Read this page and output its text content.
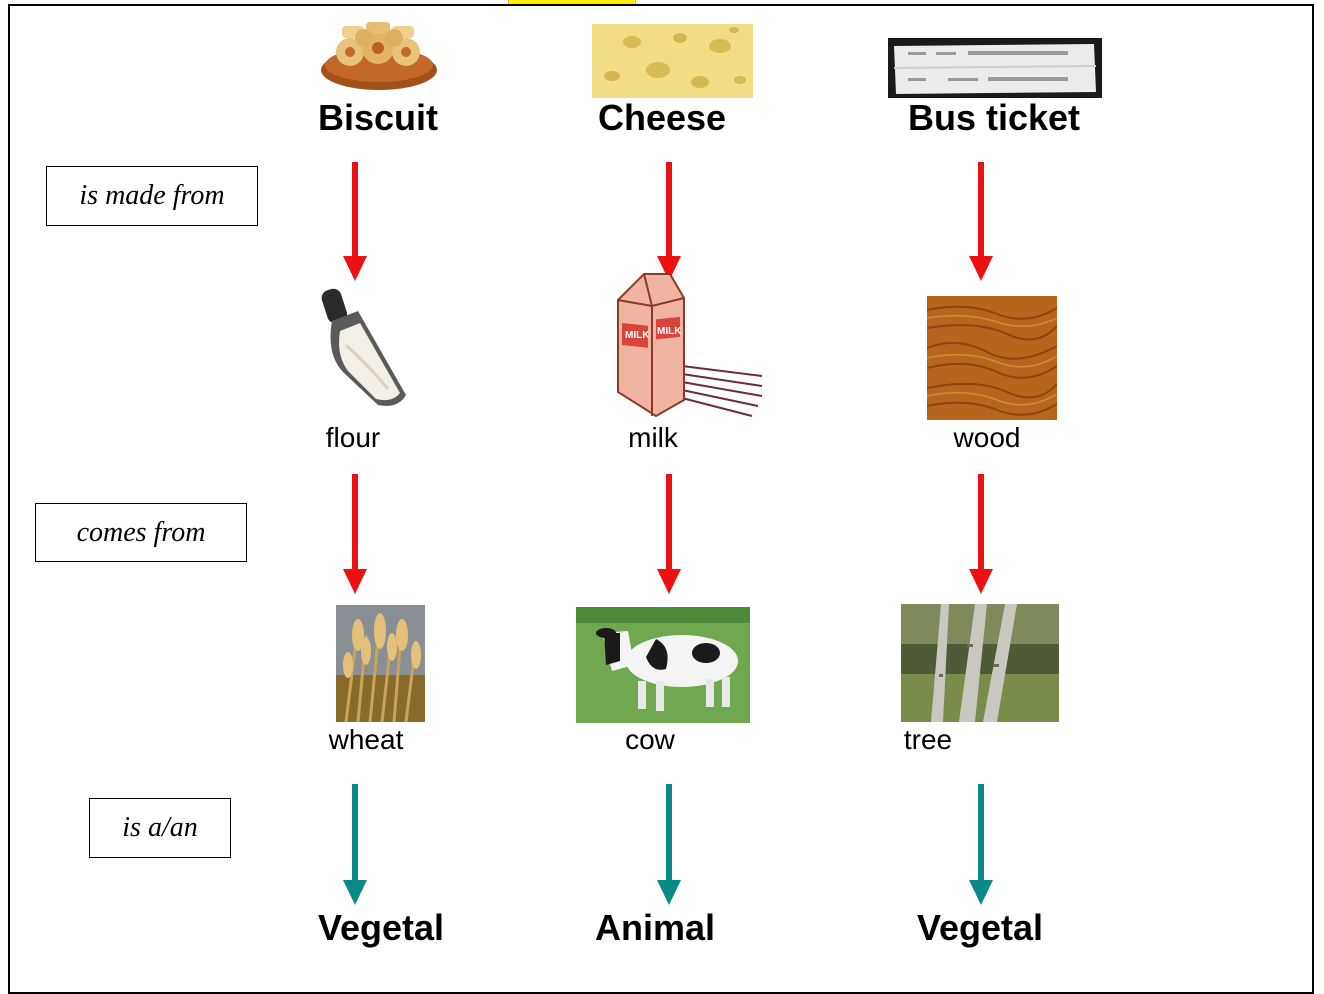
Biscuit	Cheese	Bus ticket
is made from
comes from
is a/an
MILK MILK
flour	milk	wood
wheat	cow	tree
Vegetal	Animal	Vegetal
